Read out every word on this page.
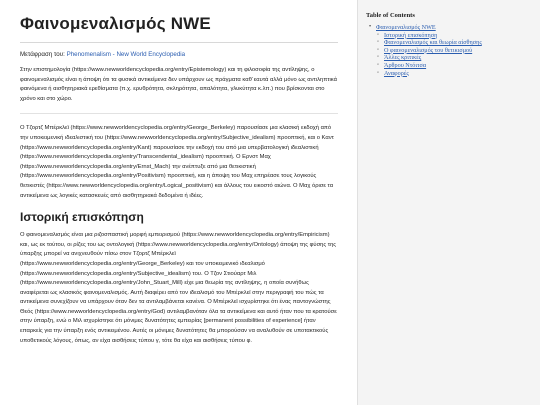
Φαινομεναλισμός NWE
Μετάφραση του: Phenomenalism - New World Encyclopedia

Στην επιστημολογία (https://www.newworldencyclopedia.org/entry/Epistemology) και τη φιλοσοφία της αντίληψης, ο φαινομεναλισμός είναι η άποψη ότι τα φυσικά αντικείμενα δεν υπάρχουν ως πράγματα καθ᾽εαυτά αλλά μόνο ως αντιληπτικά φαινόμενα ή αισθητηριακά ερεθίσματα (π.χ. ερυθρότητα, σκληρότητα, απαλότητα, γλυκύτητα κ.λπ.) που βρίσκονται στο χρόνο και στο χώρο.

Ο Τζορτζ Μπέρκλεϊ (https://www.newworldencyclopedia.org/entry/George_Berkeley) παρουσίασε μια κλασική εκδοχή από την υποκειμενική ιδεαλιστική του (https://www.newworldencyclopedia.org/entry/Subjective_idealism) προοπτική, και ο Καντ (https://www.newworldencyclopedia.org/entry/Kant) παρουσίασε την εκδοχή του από μια υπερβατολογική ιδεαλιστική (https://www.newworldencyclopedia.org/entry/Transcendental_idealism) προοπτική. Ο Ερνστ Μαχ (https://www.newworldencyclopedia.org/entry/Ernst_Mach) την ανέπτυξε από μια θετικιστική (https://www.newworldencyclopedia.org/entry/Positivism) προοπτική, και η άποψη του Μαχ επηρέασε τους λογικούς θετικιστές (https://www.newworldencyclopedia.org/entry/Logical_positivism) και άλλους του εικοστό αιώνα. Ο Μαχ όρισε τα αντικείμενα ως λογικές κατασκευές από αισθητηριακά δεδομένα ή ιδέες.

Ιστορική επισκόπηση

Ο φαινομεναλισμός είναι μια ριζοσπαστική μορφή εμπειρισμού (https://www.newworldencyclopedia.org/entry/Empiricism) και, ως εκ τούτου, οι ρίζες του ως οντολογική (https://www.newworldencyclopedia.org/entry/Ontology) άποψη της φύσης της ύπαρξης μπορεί να ανιχνευθούν πίσω στον Τζορτζ Μπέρκλεϊ (https://www.newworldencyclopedia.org/entry/George_Berkeley) και τον υποκειμενικό ιδεαλισμό (https://www.newworldencyclopedia.org/entry/Subjective_idealism) του. Ο Τζον Στιούαρτ Μιλ (https://www.newworldencyclopedia.org/entry/John_Stuart_Mill) είχε μια θεωρία της αντίληψης, η οποία συνήθως αναφέρεται ως κλασικός φαινομεναλισμός. Αυτή διαφέρει από τον ιδεαλισμό του Μπέρκλεϊ στην περιγραφή του πώς τα αντικείμενα συνεχίζουν να υπάρχουν όταν δεν τα αντιλαμβάνεται κανένα. Ο Μπέρκλεϊ ισχυρίστηκε ότι ένας παντογνώστης Θεός (https://www.newworldencyclopedia.org/entry/God) αντιλαμβανόταν όλα τα αντικείμενα και αυτό ήταν που τα κρατούσε στην ύπαρξη, ενώ ο Μιλ ισχυρίστηκε ότι μόνιμες δυνατότητες εμπειρίας [permanent possibilities of experience] ήταν επαρκείς για την ύπαρξη ενός αντικειμένου. Αυτές οι μόνιμες δυνατότητες θα μπορούσαν να αναλυθούν σε υποτακτικούς υποθετικούς λόγους, όπως, αν είχα αισθήσεις τύπου γ, τότε θα είχα και αισθήσεις τύπου φ.

Table of Contents
• Φαινομεναλισμός NWE
◦ Ιστορική επισκόπηση
◦ Φαινομεναλισμός και θεωρία αίσθησης
◦ Ο φαινομεναλισμός του θετικισμού
◦ Άλλες κριτικές
◦ Άρθρου Ντόιτσα
◦ Αναφορές
